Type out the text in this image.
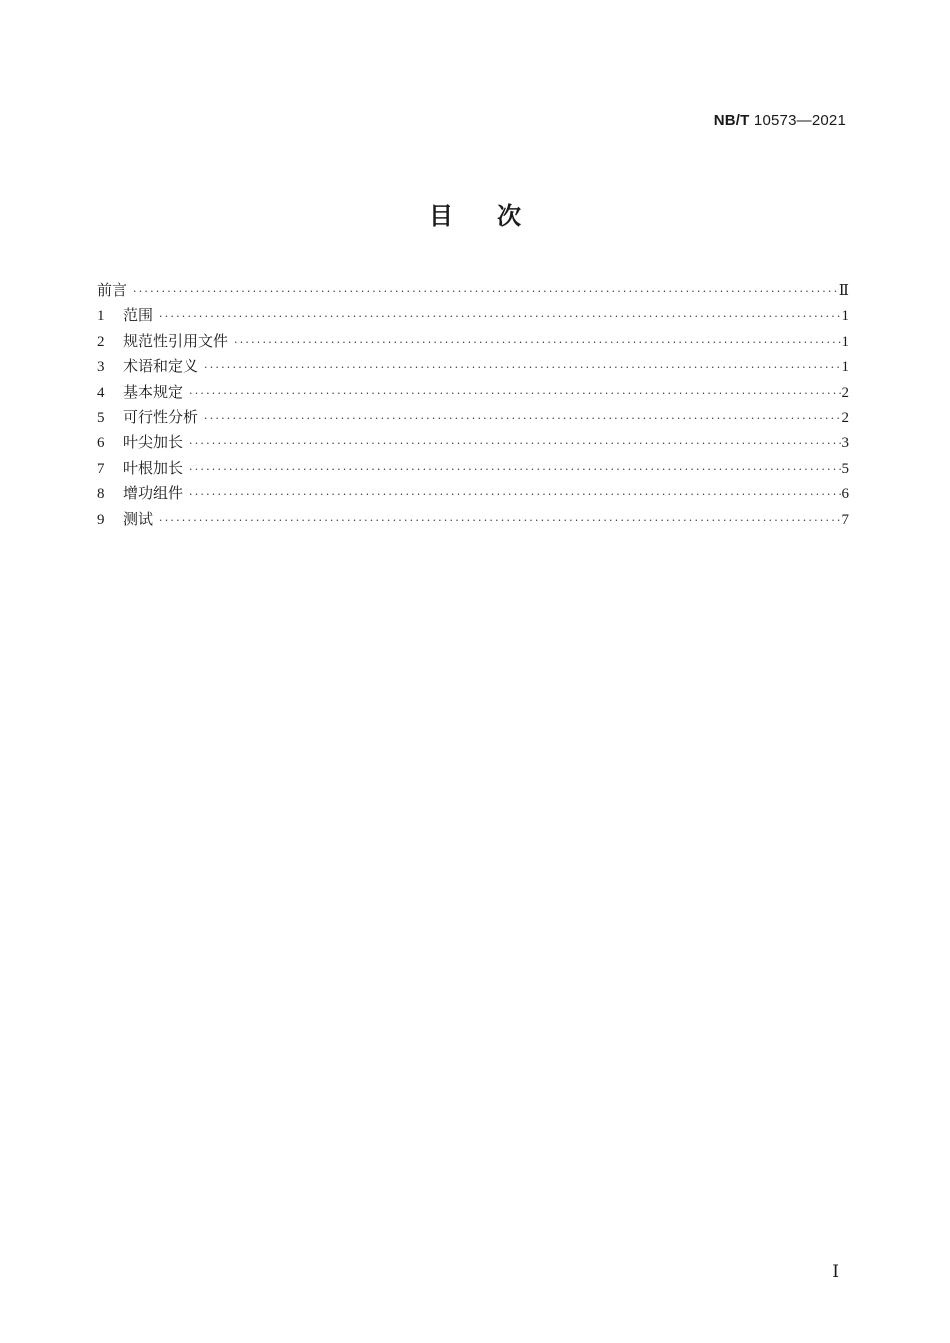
NB/T 10573—2021
目次
前言 ·····	Ⅱ
1	范围 ·····	1
2	规范性引用文件 ·····	1
3	术语和定义 ·····	1
4	基本规定 ·····	2
5	可行性分析 ·····	2
6	叶尖加长 ·····	3
7	叶根加长 ·····	5
8	增功组件 ·····	6
9	测试 ·····	7
Ⅰ
